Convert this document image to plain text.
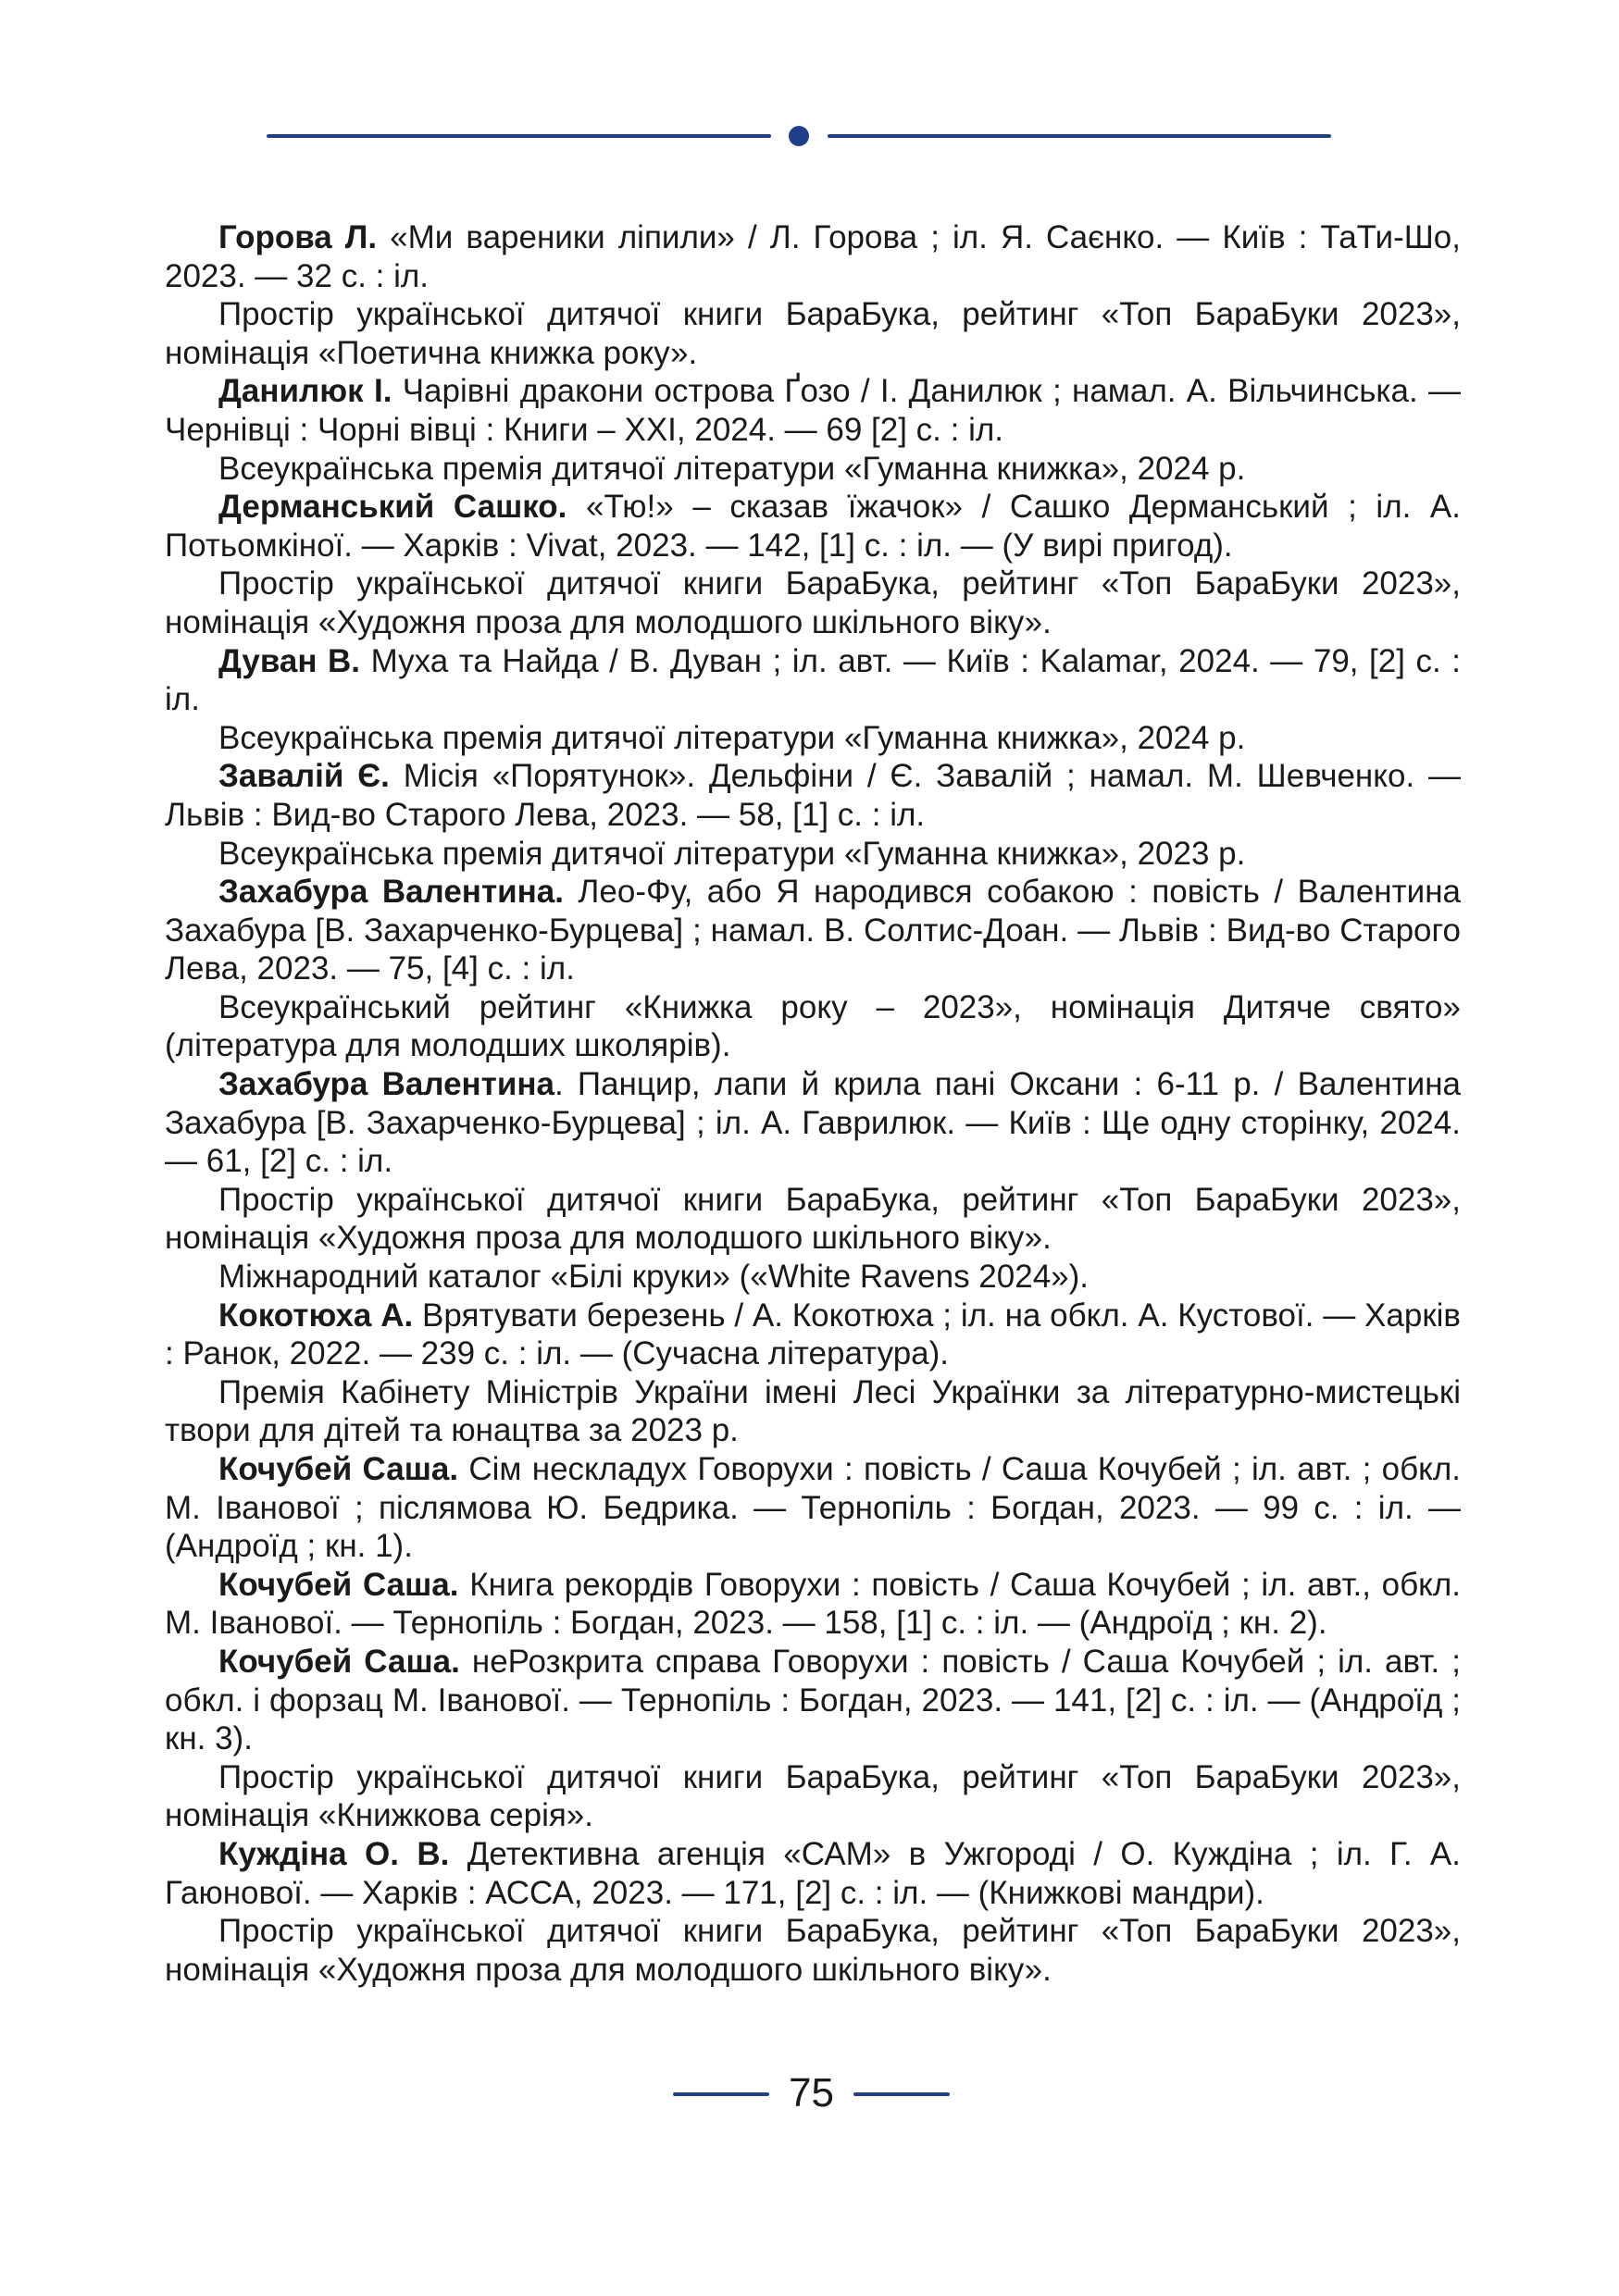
Горова Л. «Ми вареники ліпили» / Л. Горова ; іл. Я. Саєнко. — Київ : ТаТи-Шо, 2023. — 32 с. : іл.

Простір української дитячої книги БараБука, рейтинг «Топ БараБуки 2023», номінація «Поетична книжка року».

Данилюк І. Чарівні дракони острова Ґозо / І. Данилюк ; намал. А. Вільчинська. — Чернівці : Чорні вівці : Книги – ХХІ, 2024. — 69 [2] с. : іл.

Всеукраїнська премія дитячої літератури «Гуманна книжка», 2024 р.

Дерманський Сашко. «Тю!» – сказав їжачок» / Сашко Дерманський ; іл. А. Потьомкіної. — Харків : Vivat, 2023. — 142, [1] с. : іл. — (У вирі пригод).

Простір української дитячої книги БараБука, рейтинг «Топ БараБуки 2023», номінація «Художня проза для молодшого шкільного віку».

Дуван В. Муха та Найда / В. Дуван ; іл. авт. — Київ : Kalamar, 2024. — 79, [2] с. : іл.

Всеукраїнська премія дитячої літератури «Гуманна книжка», 2024 р.

Завалій Є. Місія «Порятунок». Дельфіни / Є. Завалій ; намал. М. Шевченко. — Львів : Вид-во Старого Лева, 2023. — 58, [1] с. : іл.

Всеукраїнська премія дитячої літератури «Гуманна книжка», 2023 р.

Захабура Валентина. Лео-Фу, або Я народився собакою : повість / Валентина Захабура [В. Захарченко-Бурцева] ; намал. В. Солтис-Доан. — Львів : Вид-во Старого Лева, 2023. — 75, [4] с. : іл.

Всеукраїнський рейтинг «Книжка року – 2023», номінація Дитяче свято» (література для молодших школярів).

Захабура Валентина. Панцир, лапи й крила пані Оксани : 6-11 р. / Валентина Захабура [В. Захарченко-Бурцева] ; іл. А. Гаврилюк. — Київ : Ще одну сторінку, 2024. — 61, [2] с. : іл.

Простір української дитячої книги БараБука, рейтинг «Топ БараБуки 2023», номінація «Художня проза для молодшого шкільного віку».

Міжнародний каталог «Білі круки» («White Ravens 2024»).

Кокотюха А. Врятувати березень / А. Кокотюха ; іл. на обкл. А. Кустової. — Харків : Ранок, 2022. — 239 с. : іл. — (Сучасна література).

Премія Кабінету Міністрів України імені Лесі Українки за літературно-мистецькі твори для дітей та юнацтва за 2023 р.

Кочубей Саша. Сім нескладух Говорухи : повість / Саша Кочубей ; іл. авт. ; обкл. М. Іванової ; післямова Ю. Бедрика. — Тернопіль : Богдан, 2023. — 99 с. : іл. — (Андроїд ; кн. 1).

Кочубей Саша. Книга рекордів Говорухи : повість / Саша Кочубей ; іл. авт., обкл. М. Іванової. — Тернопіль : Богдан, 2023. — 158, [1] с. : іл. — (Андроїд ; кн. 2).

Кочубей Саша. неРозкрита справа Говорухи : повість / Саша Кочубей ; іл. авт. ; обкл. і форзац М. Іванової. — Тернопіль : Богдан, 2023. — 141, [2] с. : іл. — (Андроїд ; кн. 3).

Простір української дитячої книги БараБука, рейтинг «Топ БараБуки 2023», номінація «Книжкова серія».

Куждіна О. В. Детективна агенція «САМ» в Ужгороді / О. Куждіна ; іл. Г. А. Гаюнової. — Харків : АССА, 2023. — 171, [2] с. : іл. — (Книжкові мандри).

Простір української дитячої книги БараБука, рейтинг «Топ БараБуки 2023», номінація «Художня проза для молодшого шкільного віку».

75
